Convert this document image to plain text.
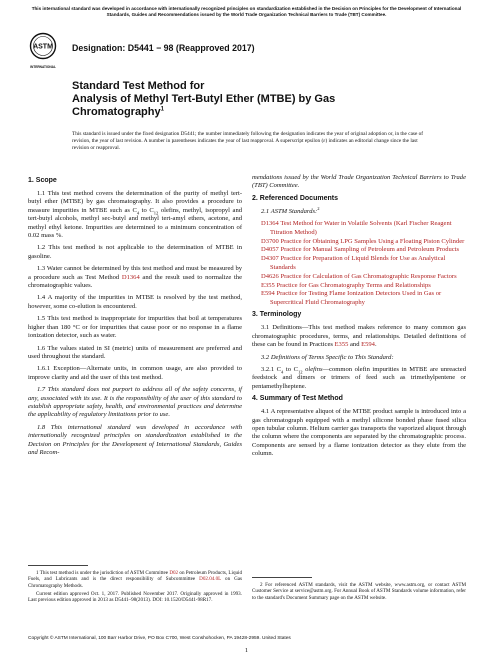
This international standard was developed in accordance with internationally recognized principles on standardization established in the Decision on Principles for the Development of International Standards, Guides and Recommendations issued by the World Trade Organization Technical Barriers to Trade (TBT) Committee.
ASTM
INTERNATIONAL
Designation: D5441 − 98 (Reapproved 2017)
Standard Test Method for
Analysis of Methyl Tert-Butyl Ether (MTBE) by Gas Chromatography$^1$
This standard is issued under the fixed designation D5441; the number immediately following the designation indicates the year of original adoption or, in the case of revision, the year of last revision. A number in parentheses indicates the year of last reapproval. A superscript epsilon (ε) indicates an editorial change since the last revision or reapproval.
1. Scope

1.1 This test method covers the determination of the purity of methyl tert-butyl ether (MTBE) by gas chromatography. It also provides a procedure to measure impurities in MTBE such as $C_4$ to $C_{12}$ olefins, methyl, isopropyl and tert-butyl alcohols, methyl sec-butyl and methyl tert-amyl ethers, acetone, and methyl ethyl ketone. Impurities are determined to a minimum concentration of 0.02 mass %.

1.2 This test method is not applicable to the determination of MTBE in gasoline.

1.3 Water cannot be determined by this test method and must be measured by a procedure such as Test Method D1364 and the result used to normalize the chromatographic values.

1.4 A majority of the impurities in MTBE is resolved by the test method, however, some co-elution is encountered.

1.5 This test method is inappropriate for impurities that boil at temperatures higher than 180 °C or for impurities that cause poor or no response in a flame ionization detector, such as water.

1.6 The values stated in SI (metric) units of measurement are preferred and used throughout the standard.

1.6.1 Exception—Alternate units, in common usage, are also provided to improve clarity and aid the user of this test method.

1.7 This standard does not purport to address all of the safety concerns, if any, associated with its use. It is the responsibility of the user of this standard to establish appropriate safety, health, and environmental practices and determine the applicability of regulatory limitations prior to use.

1.8 This international standard was developed in accordance with internationally recognized principles on standardization established in the Decision on Principles for the Development of International Standards, Guides and Recom-

mendations issued by the World Trade Organization Technical Barriers to Trade (TBT) Committee.

2. Referenced Documents

2.1 ASTM Standards:$^2$

D1364 Test Method for Water in Volatile Solvents (Karl Fischer Reagent Titration Method)
D3700 Practice for Obtaining LPG Samples Using a Floating Piston Cylinder
D4057 Practice for Manual Sampling of Petroleum and Petroleum Products
D4307 Practice for Preparation of Liquid Blends for Use as Analytical Standards
D4626 Practice for Calculation of Gas Chromatographic Response Factors
E355 Practice for Gas Chromatography Terms and Relationships
E594 Practice for Testing Flame Ionization Detectors Used in Gas or Supercritical Fluid Chromatography
3. Terminology

3.1 Definitions—This test method makes reference to many common gas chromatographic procedures, terms, and relationships. Detailed definitions of these can be found in Practices E355 and E594.

3.2 Definitions of Terms Specific to This Standard:

3.2.1 $C_4$ to $C_{12}$ olefins—common olefin impurities in MTBE are unreacted feedstock and dimers or trimers of feed such as trimethylpentene or pentamethylheptene.

4. Summary of Test Method

4.1 A representative aliquot of the MTBE product sample is introduced into a gas chromatograph equipped with a methyl silicone bonded phase fused silica open tubular column. Helium carrier gas transports the vaporized aliquot through the column where the components are separated by the chromatographic process. Components are sensed by a flame ionization detector as they elute from the column.

1 This test method is under the jurisdiction of ASTM Committee D02 on Petroleum Products, Liquid Fuels, and Lubricants and is the direct responsibility of Subcommittee D02.04.0L on Gas Chromatography Methods.

Current edition approved Oct. 1, 2017. Published November 2017. Originally approved in 1993. Last previous edition approved in 2013 as D5441–98(2013). DOI: 10.1520/D5441-98R17.

2 For referenced ASTM standards, visit the ASTM website, www.astm.org, or contact ASTM Customer Service at service@astm.org. For Annual Book of ASTM Standards volume information, refer to the standard's Document Summary page on the ASTM website.

Copyright © ASTM International, 100 Barr Harbor Drive, PO Box C700, West Conshohocken, PA 19428-2959. United States
1
